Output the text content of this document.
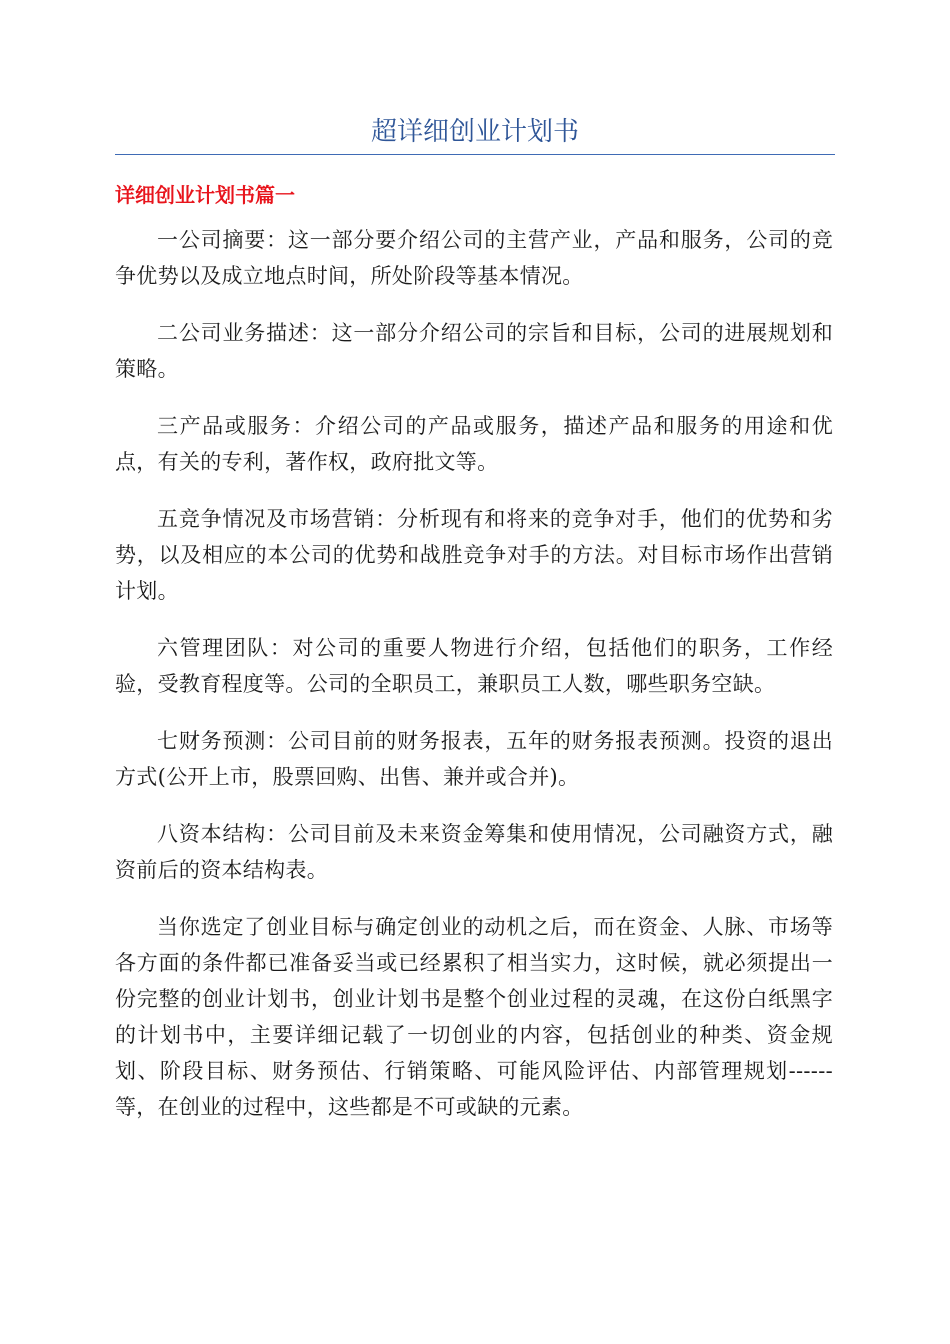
超详细创业计划书
详细创业计划书篇一

一公司摘要：这一部分要介绍公司的主营产业，产品和服务，公司的竞争优势以及成立地点时间，所处阶段等基本情况。

二公司业务描述：这一部分介绍公司的宗旨和目标，公司的进展规划和策略。

三产品或服务：介绍公司的产品或服务，描述产品和服务的用途和优点，有关的专利，著作权，政府批文等。

五竞争情况及市场营销：分析现有和将来的竞争对手，他们的优势和劣势，以及相应的本公司的优势和战胜竞争对手的方法。对目标市场作出营销计划。

六管理团队：对公司的重要人物进行介绍，包括他们的职务，工作经验，受教育程度等。公司的全职员工，兼职员工人数，哪些职务空缺。

七财务预测：公司目前的财务报表，五年的财务报表预测。投资的退出方式(公开上市，股票回购、出售、兼并或合并)。

八资本结构：公司目前及未来资金筹集和使用情况，公司融资方式，融资前后的资本结构表。

当你选定了创业目标与确定创业的动机之后，而在资金、人脉、市场等各方面的条件都已准备妥当或已经累积了相当实力，这时候，就必须提出一份完整的创业计划书，创业计划书是整个创业过程的灵魂，在这份白纸黑字的计划书中，主要详细记载了一切创业的内容，包括创业的种类、资金规划、阶段目标、财务预估、行销策略、可能风险评估、内部管理规划------等，在创业的过程中，这些都是不可或缺的元素。
